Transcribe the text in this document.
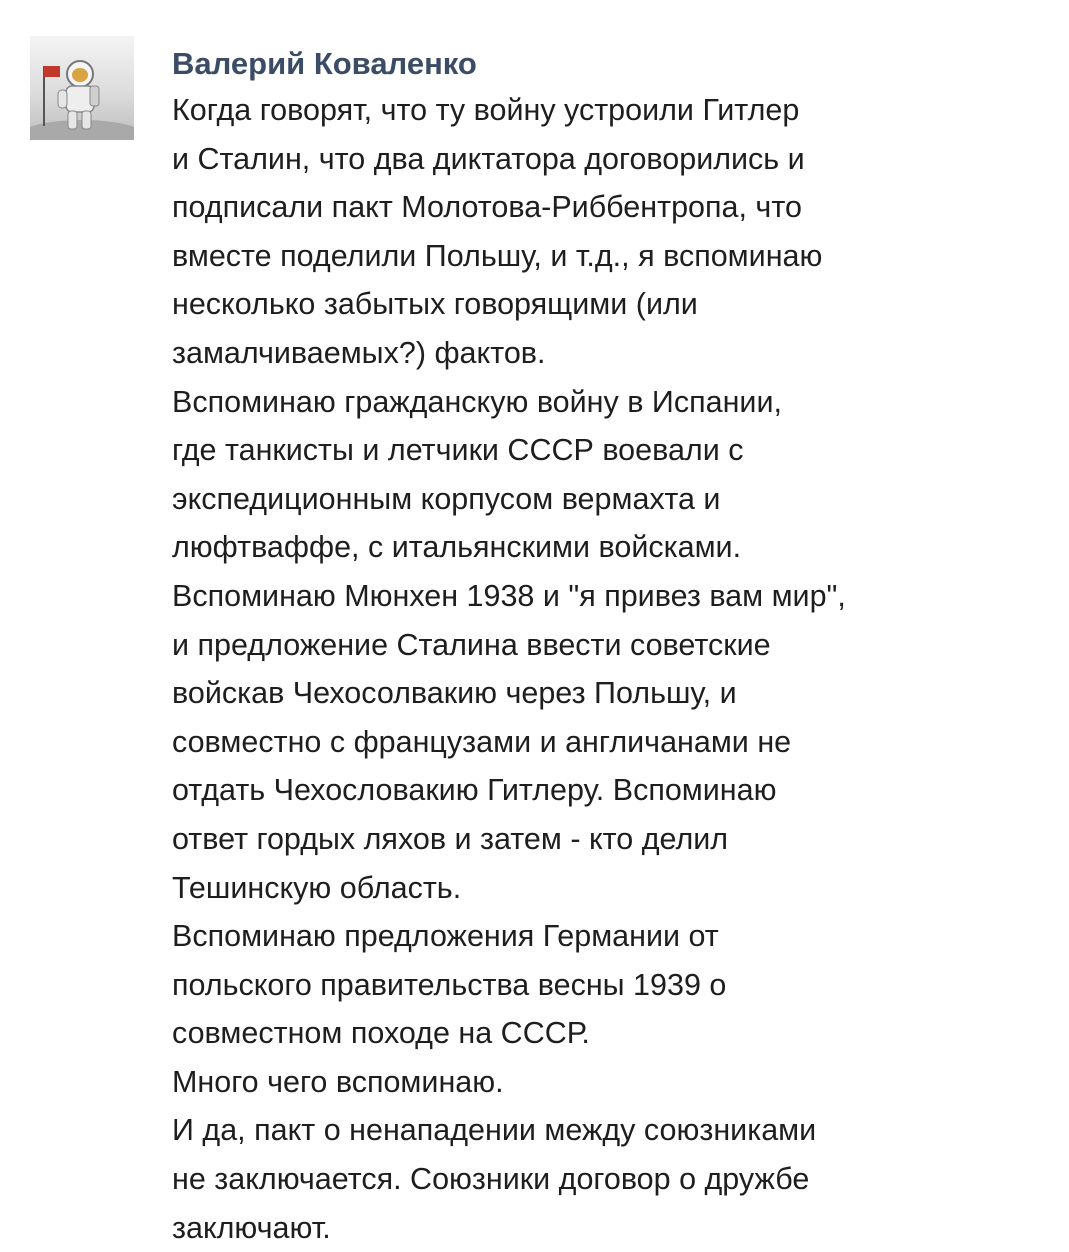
Валерий Коваленко
Когда говорят, что ту войну устроили Гитлер
и Сталин, что два диктатора договорились и
подписали пакт Молотова-Риббентропа, что
вместе поделили Польшу, и т.д., я вспоминаю
несколько забытых говорящими (или
замалчиваемых?) фактов.
Вспоминаю гражданскую войну в Испании,
где танкисты и летчики СССР воевали с
экспедиционным корпусом вермахта и
люфтваффе, с итальянскими войсками.
Вспоминаю Мюнхен 1938 и "я привез вам мир",
и предложение Сталина ввести советские
войскав Чехосолвакию через Польшу, и
совместно с французами и англичанами не
отдать Чехословакию Гитлеру. Вспоминаю
ответ гордых ляхов и затем - кто делил
Тешинскую область.
Вспоминаю предложения Германии от
польского правительства весны 1939 о
совместном походе на СССР.
Много чего вспоминаю.
И да, пакт о ненападении между союзниками
не заключается. Союзники договор о дружбе
заключают.
